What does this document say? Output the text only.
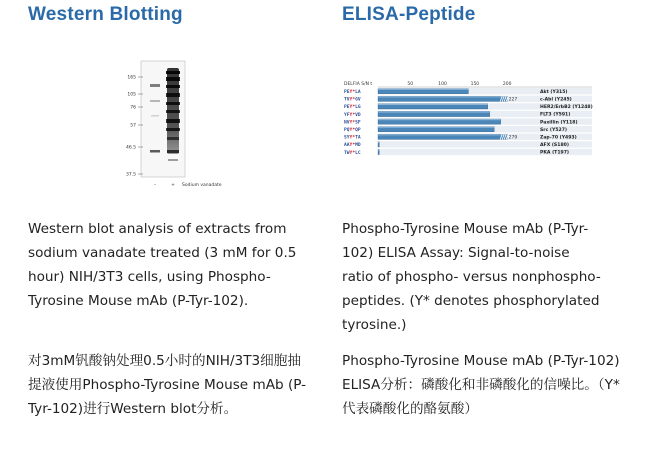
Western Blotting
165
105
76
57
46.5
37.5
–	+ Sodium vanadate

Western blot analysis of extracts from sodium vanadate treated (3 mM for 0.5 hour) NIH/3T3 cells, using Phospho-Tyrosine Mouse mAb (P-Tyr-102).

对3mM钒酸钠处理0.5小时的NIH/3T3细胞抽提液使用Phospho-Tyrosine Mouse mAb (P-Tyr-102)进行Western blot分析。

ELISA-Peptide
DELFIA S/N t	50	100	150	200
PEY*LA	Akt (Y315)
TVY*GV	227	c-Abl (Y245)
PEY*LG	HER2/ErbB2 (Y1248)
YFY*VD	FLT3 (Y591)
NVY*SF	Paxillin (Y118)
PQY*QP	Src (Y527)
SYY*TA	279	Zap-70 (Y493)
AAY*MD	AFX (S180)
TWY*LC	PKA (T197)

Phospho-Tyrosine Mouse mAb (P-Tyr-102) ELISA Assay: Signal-to-noise ratio of phospho- versus nonphospho-peptides. (Y* denotes phosphorylated tyrosine.)

Phospho-Tyrosine Mouse mAb (P-Tyr-102) ELISA分析：磷酸化和非磷酸化的信噪比。（Y* 代表磷酸化的酪氨酸）
